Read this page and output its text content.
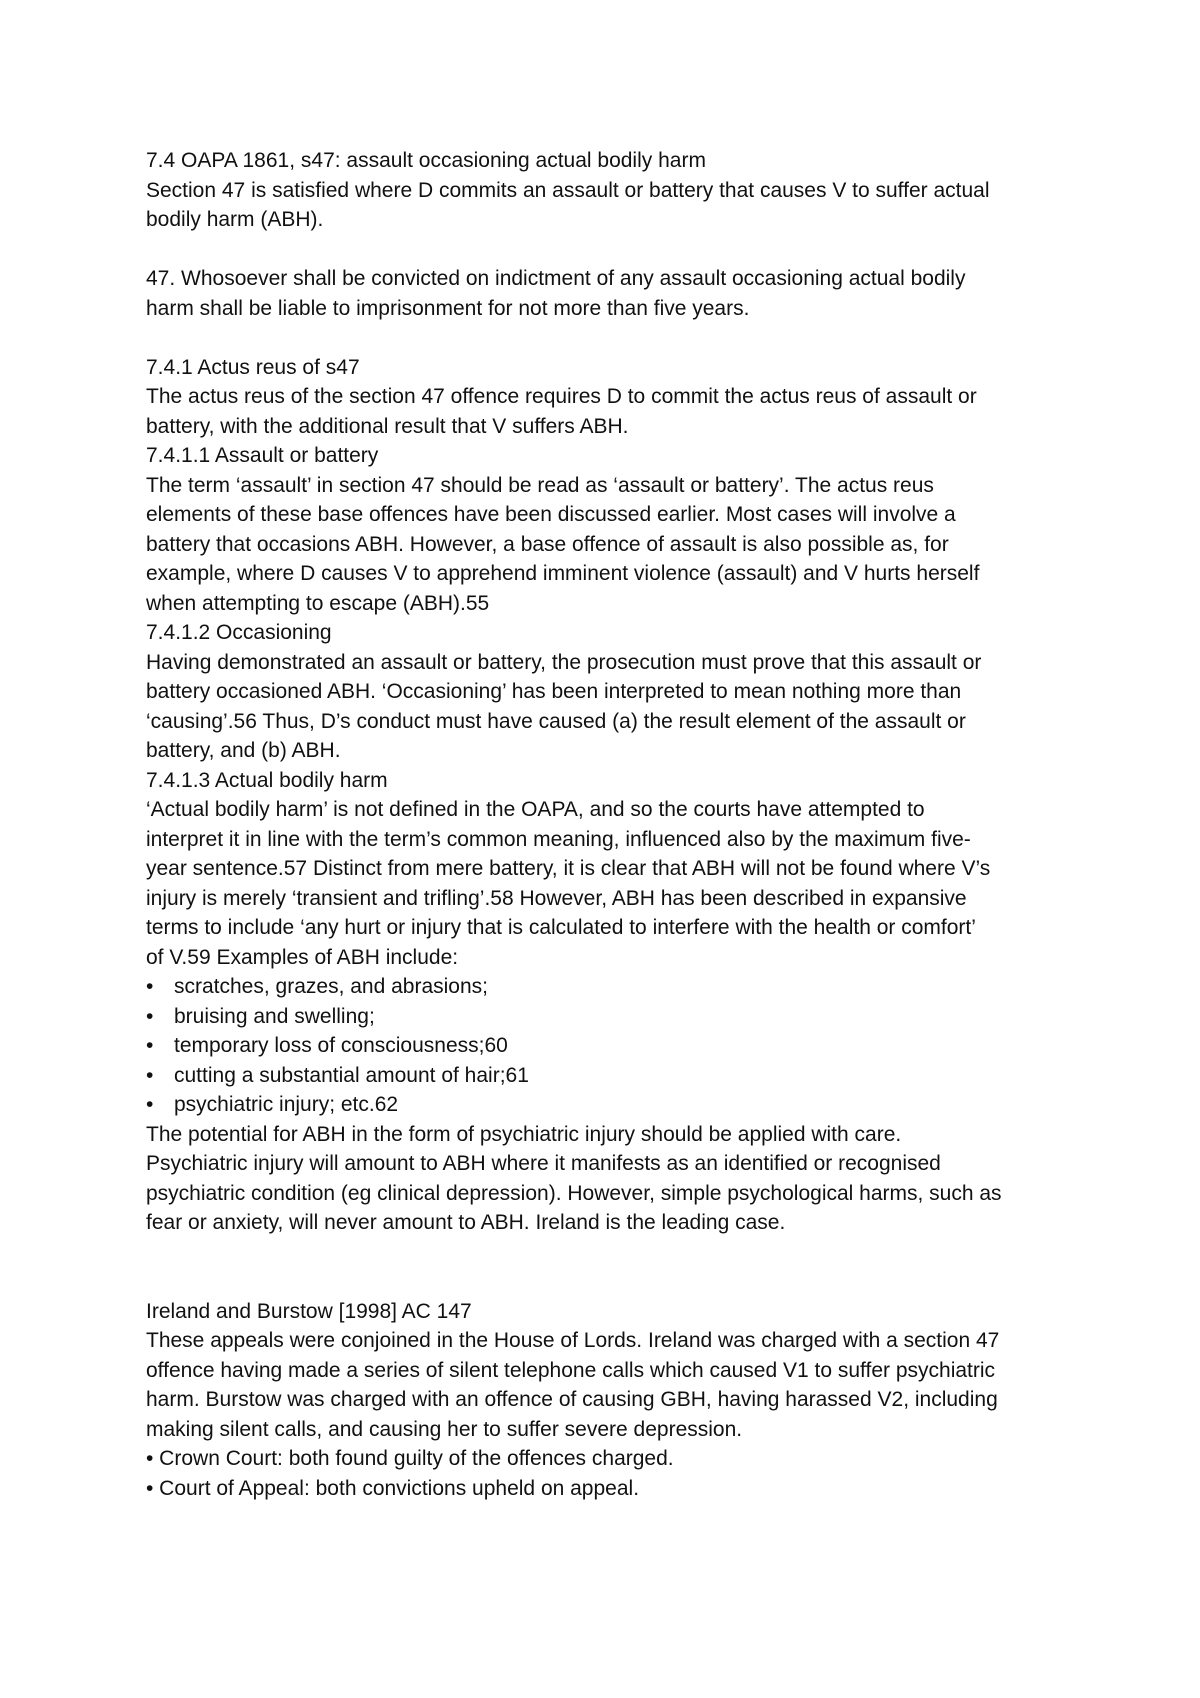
7.4 OAPA 1861, s47: assault occasioning actual bodily harm
Section 47 is satisfied where D commits an assault or battery that causes V to suffer actual
bodily harm (ABH).
47. Whosoever shall be convicted on indictment of any assault occasioning actual bodily
harm shall be liable to imprisonment for not more than five years.
7.4.1 Actus reus of s47
The actus reus of the section 47 offence requires D to commit the actus reus of assault or
battery, with the additional result that V suffers ABH.
7.4.1.1 Assault or battery
The term ‘assault’ in section 47 should be read as ‘assault or battery’. The actus reus
elements of these base offences have been discussed earlier. Most cases will involve a
battery that occasions ABH. However, a base offence of assault is also possible as, for
example, where D causes V to apprehend imminent violence (assault) and V hurts herself
when attempting to escape (ABH).55
7.4.1.2 Occasioning
Having demonstrated an assault or battery, the prosecution must prove that this assault or
battery occasioned ABH. ‘Occasioning’ has been interpreted to mean nothing more than
‘causing’.56 Thus, D’s conduct must have caused (a) the result element of the assault or
battery, and (b) ABH.
7.4.1.3 Actual bodily harm
‘Actual bodily harm’ is not defined in the OAPA, and so the courts have attempted to
interpret it in line with the term’s common meaning, influenced also by the maximum five-
year sentence.57 Distinct from mere battery, it is clear that ABH will not be found where V’s
injury is merely ‘transient and trifling’.58 However, ABH has been described in expansive
terms to include ‘any hurt or injury that is calculated to interfere with the health or comfort’
of V.59 Examples of ABH include:
• scratches, grazes, and abrasions;
• bruising and swelling;
• temporary loss of consciousness;60
• cutting a substantial amount of hair;61
• psychiatric injury; etc.62
The potential for ABH in the form of psychiatric injury should be applied with care.
Psychiatric injury will amount to ABH where it manifests as an identified or recognised
psychiatric condition (eg clinical depression). However, simple psychological harms, such as
fear or anxiety, will never amount to ABH. Ireland is the leading case.
Ireland and Burstow [1998] AC 147
These appeals were conjoined in the House of Lords. Ireland was charged with a section 47
offence having made a series of silent telephone calls which caused V1 to suffer psychiatric
harm. Burstow was charged with an offence of causing GBH, having harassed V2, including
making silent calls, and causing her to suffer severe depression.
• Crown Court: both found guilty of the offences charged.
• Court of Appeal: both convictions upheld on appeal.
